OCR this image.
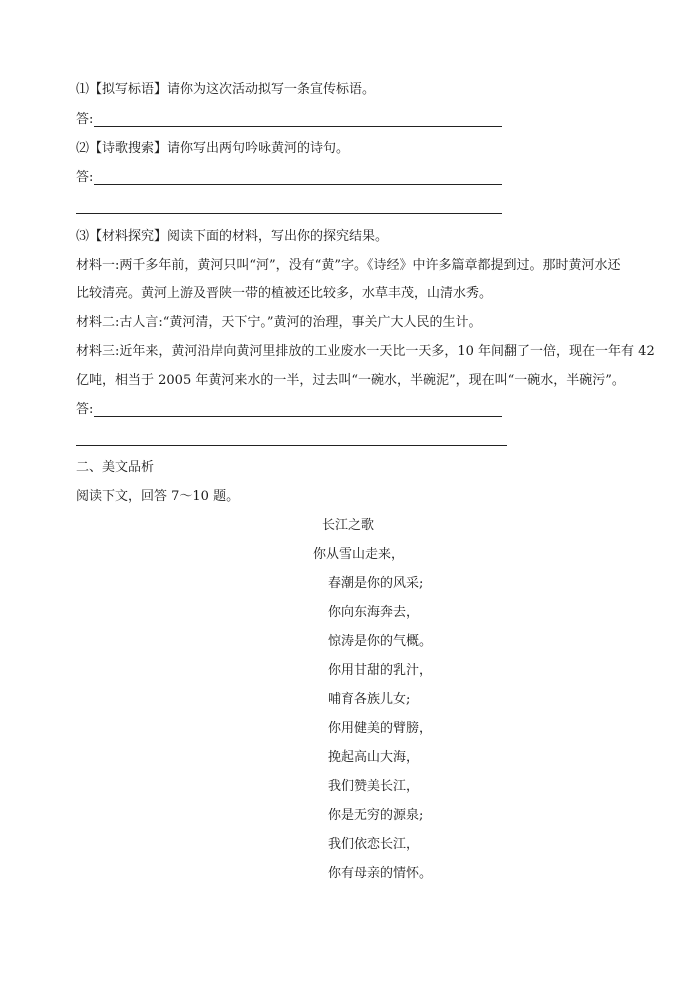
⑴【拟写标语】请你为这次活动拟写一条宣传标语。
答:
⑵【诗歌搜索】请你写出两句吟咏黄河的诗句。
答:
⑶【材料探究】阅读下面的材料，写出你的探究结果。
材料一:两千多年前，黄河只叫“河”，没有“黄”字。《诗经》中许多篇章都提到过。那时黄河水还
比较清亮。黄河上游及晋陕一带的植被还比较多，水草丰茂，山清水秀。
材料二:古人言:“黄河清，天下宁。”黄河的治理，事关广大人民的生计。
材料三:近年来，黄河沿岸向黄河里排放的工业废水一天比一天多，10 年间翻了一倍，现在一年有 42
亿吨，相当于 2005 年黄河来水的一半，过去叫“一碗水，半碗泥”，现在叫“一碗水，半碗污”。
答:
二、美文品析
阅读下文，回答 7～10 题。
长江之歌
你从雪山走来，
春潮是你的风采;
你向东海奔去，
惊涛是你的气概。
你用甘甜的乳汁，
哺育各族儿女;
你用健美的臂膀，
挽起高山大海，
我们赞美长江，
你是无穷的源泉;
我们依恋长江，
你有母亲的情怀。
